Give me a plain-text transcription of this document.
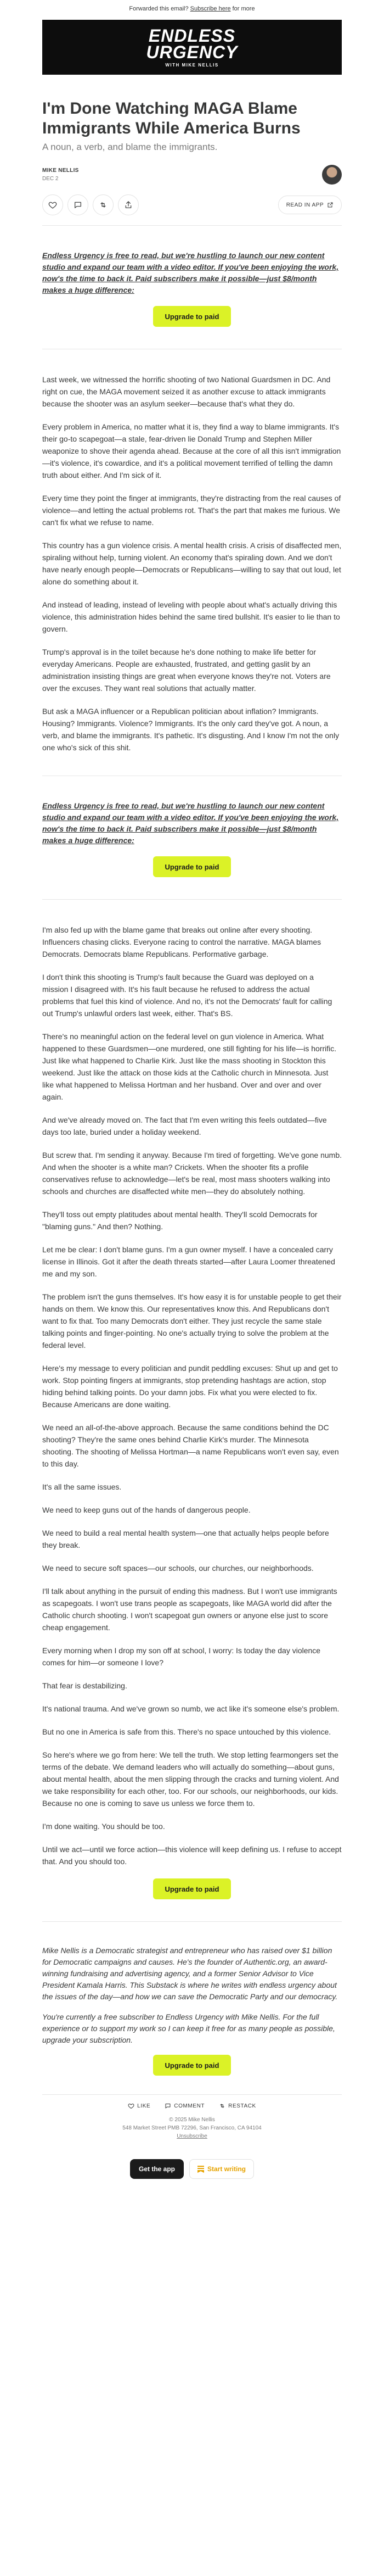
Forwarded this email? Subscribe here for more
ENDLESS
URGENCY
WITH MIKE NELLIS
I'm Done Watching MAGA Blame Immigrants While America Burns
A noun, a verb, and blame the immigrants.
MIKE NELLIS
DEC 2
READ IN APP

Endless Urgency is free to read, but we're hustling to launch our new content studio and expand our team with a video editor. If you've been enjoying the work, now's the time to back it. Paid subscribers make it possible—just $8/month makes a huge difference:

Upgrade to paid

Last week, we witnessed the horrific shooting of two National Guardsmen in DC. And right on cue, the MAGA movement seized it as another excuse to attack immigrants because the shooter was an asylum seeker—because that's what they do.

Every problem in America, no matter what it is, they find a way to blame immigrants. It's their go-to scapegoat—a stale, fear-driven lie Donald Trump and Stephen Miller weaponize to shove their agenda ahead. Because at the core of all this isn't immigration—it's violence, it's cowardice, and it's a political movement terrified of telling the damn truth about either. And I'm sick of it.

Every time they point the finger at immigrants, they're distracting from the real causes of violence—and letting the actual problems rot. That's the part that makes me furious. We can't fix what we refuse to name.

This country has a gun violence crisis. A mental health crisis. A crisis of disaffected men, spiraling without help, turning violent. An economy that's spiraling down. And we don't have nearly enough people—Democrats or Republicans—willing to say that out loud, let alone do something about it.

And instead of leading, instead of leveling with people about what's actually driving this violence, this administration hides behind the same tired bullshit. It's easier to lie than to govern.

Trump's approval is in the toilet because he's done nothing to make life better for everyday Americans. People are exhausted, frustrated, and getting gaslit by an administration insisting things are great when everyone knows they're not. Voters are over the excuses. They want real solutions that actually matter.

But ask a MAGA influencer or a Republican politician about inflation? Immigrants. Housing? Immigrants. Violence? Immigrants. It's the only card they've got. A noun, a verb, and blame the immigrants. It's pathetic. It's disgusting. And I know I'm not the only one who's sick of this shit.

Endless Urgency is free to read, but we're hustling to launch our new content studio and expand our team with a video editor. If you've been enjoying the work, now's the time to back it. Paid subscribers make it possible—just $8/month makes a huge difference:

Upgrade to paid

I'm also fed up with the blame game that breaks out online after every shooting. Influencers chasing clicks. Everyone racing to control the narrative. MAGA blames Democrats. Democrats blame Republicans. Performative garbage.

I don't think this shooting is Trump's fault because the Guard was deployed on a mission I disagreed with. It's his fault because he refused to address the actual problems that fuel this kind of violence. And no, it's not the Democrats' fault for calling out Trump's unlawful orders last week, either. That's BS.

There's no meaningful action on the federal level on gun violence in America. What happened to these Guardsmen—one murdered, one still fighting for his life—is horrific. Just like what happened to Charlie Kirk. Just like the mass shooting in Stockton this weekend. Just like the attack on those kids at the Catholic church in Minnesota. Just like what happened to Melissa Hortman and her husband. Over and over and over again.

And we've already moved on. The fact that I'm even writing this feels outdated—five days too late, buried under a holiday weekend.

But screw that. I'm sending it anyway. Because I'm tired of forgetting. We've gone numb. And when the shooter is a white man? Crickets. When the shooter fits a profile conservatives refuse to acknowledge—let's be real, most mass shooters walking into schools and churches are disaffected white men—they do absolutely nothing.

They'll toss out empty platitudes about mental health. They'll scold Democrats for "blaming guns." And then? Nothing.

Let me be clear: I don't blame guns. I'm a gun owner myself. I have a concealed carry license in Illinois. Got it after the death threats started—after Laura Loomer threatened me and my son.

The problem isn't the guns themselves. It's how easy it is for unstable people to get their hands on them. We know this. Our representatives know this. And Republicans don't want to fix that. Too many Democrats don't either. They just recycle the same stale talking points and finger-pointing. No one's actually trying to solve the problem at the federal level.

Here's my message to every politician and pundit peddling excuses: Shut up and get to work. Stop pointing fingers at immigrants, stop pretending hashtags are action, stop hiding behind talking points. Do your damn jobs. Fix what you were elected to fix. Because Americans are done waiting.

We need an all-of-the-above approach. Because the same conditions behind the DC shooting? They're the same ones behind Charlie Kirk's murder. The Minnesota shooting. The shooting of Melissa Hortman—a name Republicans won't even say, even to this day.

It's all the same issues.

We need to keep guns out of the hands of dangerous people.

We need to build a real mental health system—one that actually helps people before they break.

We need to secure soft spaces—our schools, our churches, our neighborhoods.

I'll talk about anything in the pursuit of ending this madness. But I won't use immigrants as scapegoats. I won't use trans people as scapegoats, like MAGA world did after the Catholic church shooting. I won't scapegoat gun owners or anyone else just to score cheap engagement.

Every morning when I drop my son off at school, I worry: Is today the day violence comes for him—or someone I love?

That fear is destabilizing.

It's national trauma. And we've grown so numb, we act like it's someone else's problem.

But no one in America is safe from this. There's no space untouched by this violence.

So here's where we go from here: We tell the truth. We stop letting fearmongers set the terms of the debate. We demand leaders who will actually do something—about guns, about mental health, about the men slipping through the cracks and turning violent. And we take responsibility for each other, too. For our schools, our neighborhoods, our kids. Because no one is coming to save us unless we force them to.

I'm done waiting. You should be too.

Until we act—until we force action—this violence will keep defining us. I refuse to accept that. And you should too.

Upgrade to paid

Mike Nellis is a Democratic strategist and entrepreneur who has raised over $1 billion for Democratic campaigns and causes. He's the founder of Authentic.org, an award-winning fundraising and advertising agency, and a former Senior Advisor to Vice President Kamala Harris. This Substack is where he writes with endless urgency about the issues of the day—and how we can save the Democratic Party and our democracy.

You're currently a free subscriber to Endless Urgency with Mike Nellis. For the full experience or to support my work so I can keep it free for as many people as possible, upgrade your subscription.

Upgrade to paid
LIKE	COMMENT	RESTACK
© 2025 Mike Nellis
548 Market Street PMB 72296, San Francisco, CA 94104
Unsubscribe
Get the app	Start writing
